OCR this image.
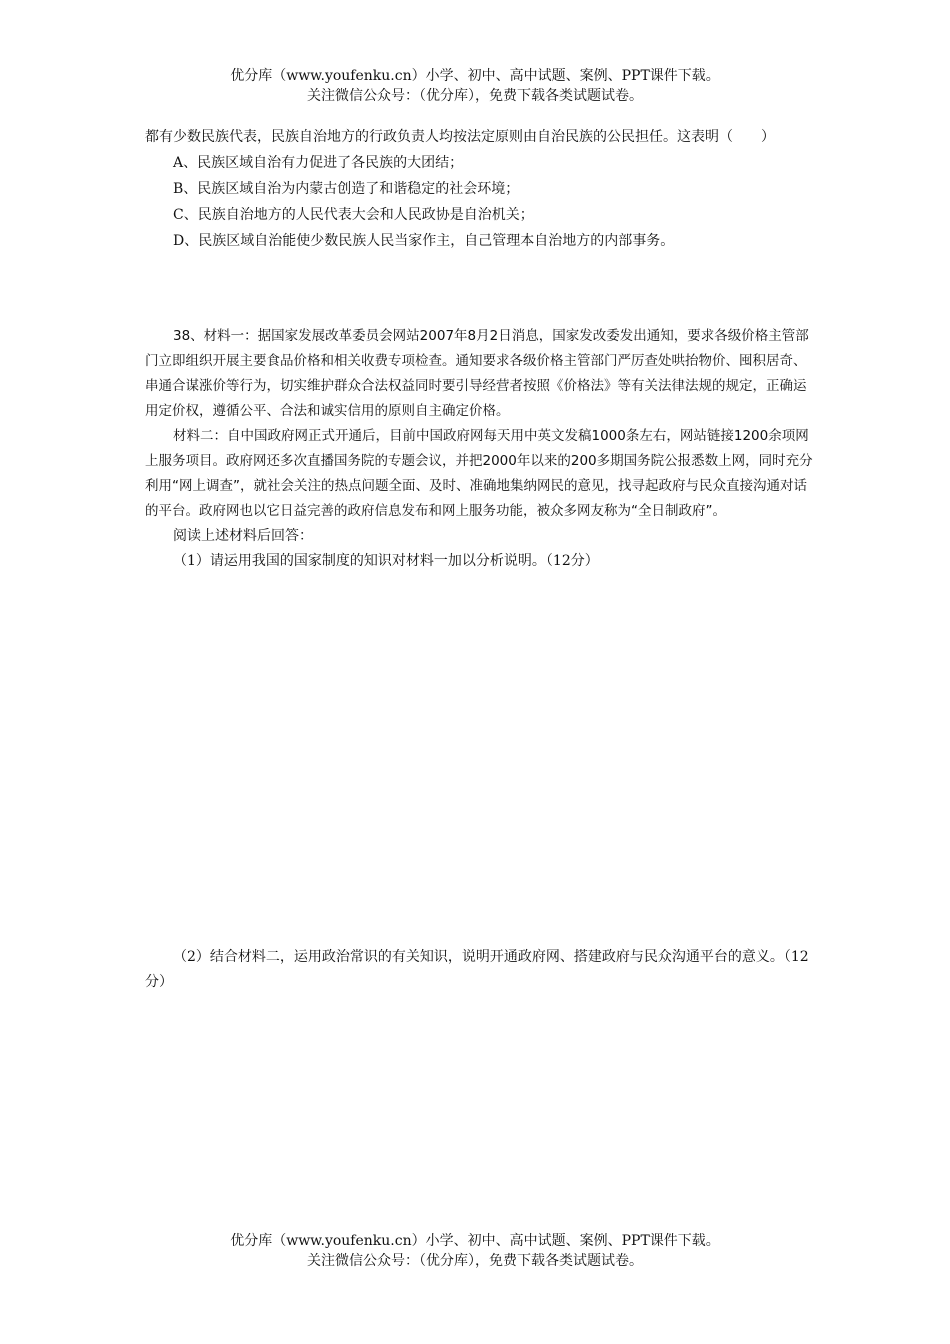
优分库（www.youfenku.cn）小学、初中、高中试题、案例、PPT课件下载。
关注微信公众号：（优分库），免费下载各类试题试卷。

都有少数民族代表，民族自治地方的行政负责人均按法定原则由自治民族的公民担任。这表明（　　）

A、民族区域自治有力促进了各民族的大团结；

B、民族区域自治为内蒙古创造了和谐稳定的社会环境；

C、民族自治地方的人民代表大会和人民政协是自治机关；

D、民族区域自治能使少数民族人民当家作主，自己管理本自治地方的内部事务。

38、材料一：据国家发展改革委员会网站2007年8月2日消息，国家发改委发出通知，要求各级价格主管部门立即组织开展主要食品价格和相关收费专项检查。通知要求各级价格主管部门严厉查处哄抬物价、囤积居奇、串通合谋涨价等行为，切实维护群众合法权益同时要引导经营者按照《价格法》等有关法律法规的规定，正确运用定价权，遵循公平、合法和诚实信用的原则自主确定价格。

材料二：自中国政府网正式开通后，目前中国政府网每天用中英文发稿1000条左右，网站链接1200余项网上服务项目。政府网还多次直播国务院的专题会议，并把2000年以来的200多期国务院公报悉数上网，同时充分利用“网上调查”，就社会关注的热点问题全面、及时、准确地集纳网民的意见，找寻起政府与民众直接沟通对话的平台。政府网也以它日益完善的政府信息发布和网上服务功能，被众多网友称为“全日制政府”。

阅读上述材料后回答：

（1）请运用我国的国家制度的知识对材料一加以分析说明。（12分）

（2）结合材料二，运用政治常识的有关知识，说明开通政府网、搭建政府与民众沟通平台的意义。（12分）

优分库（www.youfenku.cn）小学、初中、高中试题、案例、PPT课件下载。
关注微信公众号：（优分库），免费下载各类试题试卷。
